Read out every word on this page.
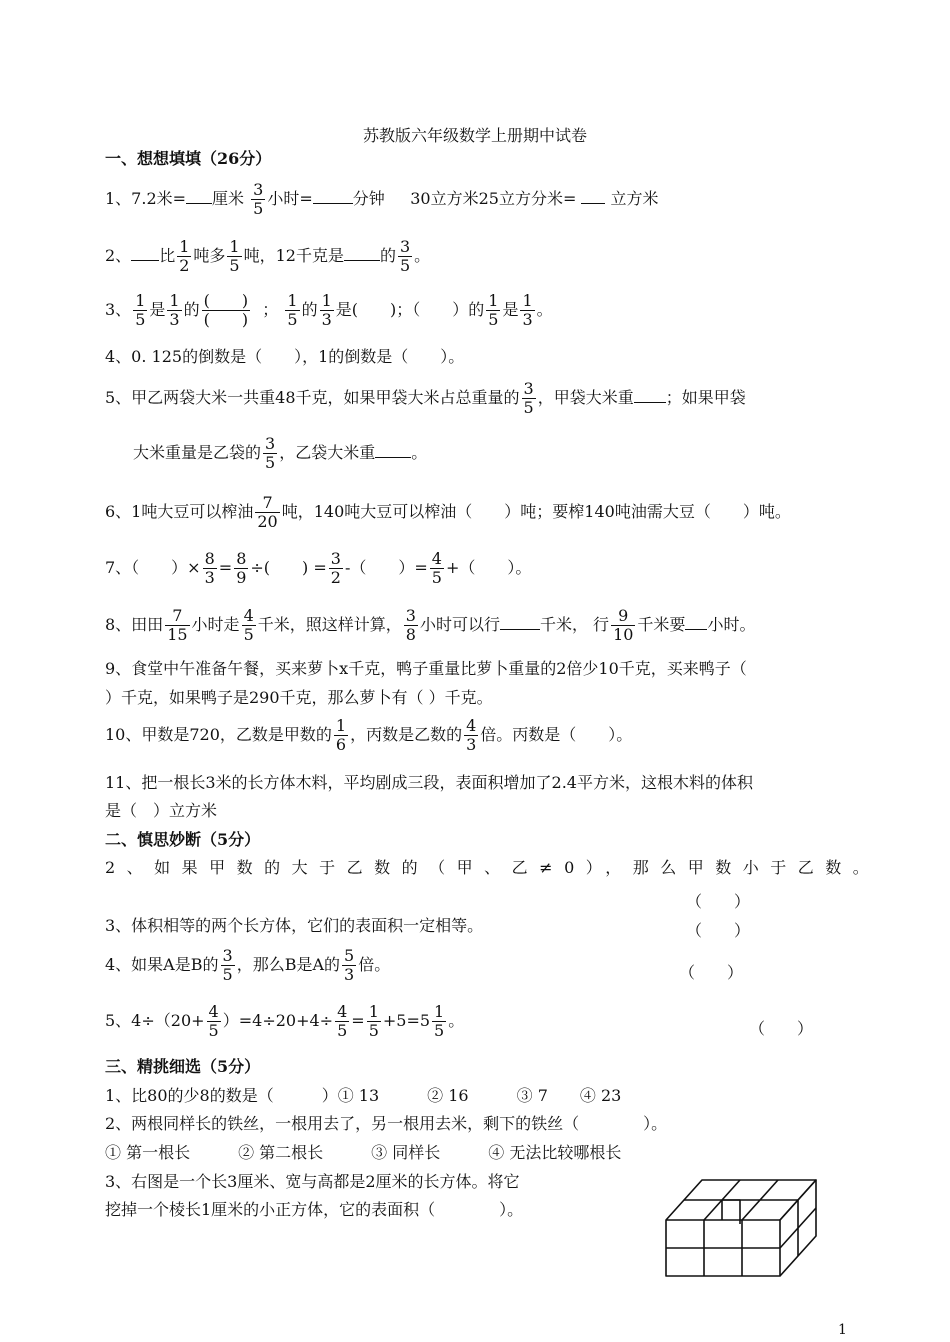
苏教版六年级数学上册期中试卷
一、想想填填（26分）
1、7.2米= 厘米 $\frac{3}{5}$ 小时=	分钟 30立方米25立方分米= 立方米
2、 比 $\frac{1}{2}$ 吨多 $\frac{1}{5}$ 吨，12千克是 的 $\frac{3}{5}$ 。
3、 $\frac{1}{5}$ 是 $\frac{1}{3}$ 的 $\frac{( )}{( )}$ ； $\frac{1}{5}$ 的 $\frac{1}{3}$ 是(　　)；（　　）的 $\frac{1}{5}$ 是 $\frac{1}{3}$ 。
4、0. 125的倒数是（　　），1的倒数是（　　）。
5、甲乙两袋大米一共重48千克，如果甲袋大米占总重量的 $\frac{3}{5}$ ，甲袋大米重 ；如果甲袋
大米重量是乙袋的 $\frac{3}{5}$ ，乙袋大米重 。
6、1吨大豆可以榨油 $\frac{7}{20}$ 吨，140吨大豆可以榨油（　　）吨；要榨140吨油需大豆（　　）吨。
7、（　　）× $\frac{8}{3} = \frac{8}{9}$ ÷(　　) = $\frac{3}{2}$ -（　　）= $\frac{4}{5}$ +（　　）。
8、田田 $\frac{7}{15}$ 小时走 $\frac{4}{5}$ 千米，照这样计算， $\frac{3}{8}$ 小时可以行	千米， 行 $\frac{9}{10}$ 千米要 小时。
9、食堂中午准备午餐，买来萝卜x千克，鸭子重量比萝卜重量的2倍少10千克，买来鸭子（
）千克，如果鸭子是290千克，那么萝卜有（ ）千克。
10、甲数是720，乙数是甲数的 $\frac{1}{6}$ ，丙数是乙数的 $\frac{4}{3}$ 倍。丙数是（　　）。
11、把一根长3米的长方体木料，平均剧成三段，表面积增加了2.4平方米，这根木料的体积
是（　）立方米
二、慎思妙断（5分）
2、如果甲数的大于乙数的（甲、乙≠0），那么甲数小于乙数。
（　　）
3、体积相等的两个长方体，它们的表面积一定相等。	（　　）
4、如果A是B的 $\frac{3}{5}$ ，那么B是A的 $\frac{5}{3}$ 倍。	（　　）
5、$4\div(20+ \frac{4}{5} )=4\div 20+4\div \frac{4}{5} = \frac{1}{5} +5=5 \frac{1}{5}$ 。	（　　）
三、精挑细选（5分）
1、比80的少8的数是（　　　）① 13　　　② 16　　　③ 7　　④ 23
2、两根同样长的铁丝，一根用去了，另一根用去米，剩下的铁丝（　　　　）。
① 第一根长　　　② 第二根长　　　③ 同样长　　　④ 无法比较哪根长
3、右图是一个长3厘米、宽与高都是2厘米的长方体。将它
挖掉一个棱长1厘米的小正方体，它的表面积（　　　　）。
1
